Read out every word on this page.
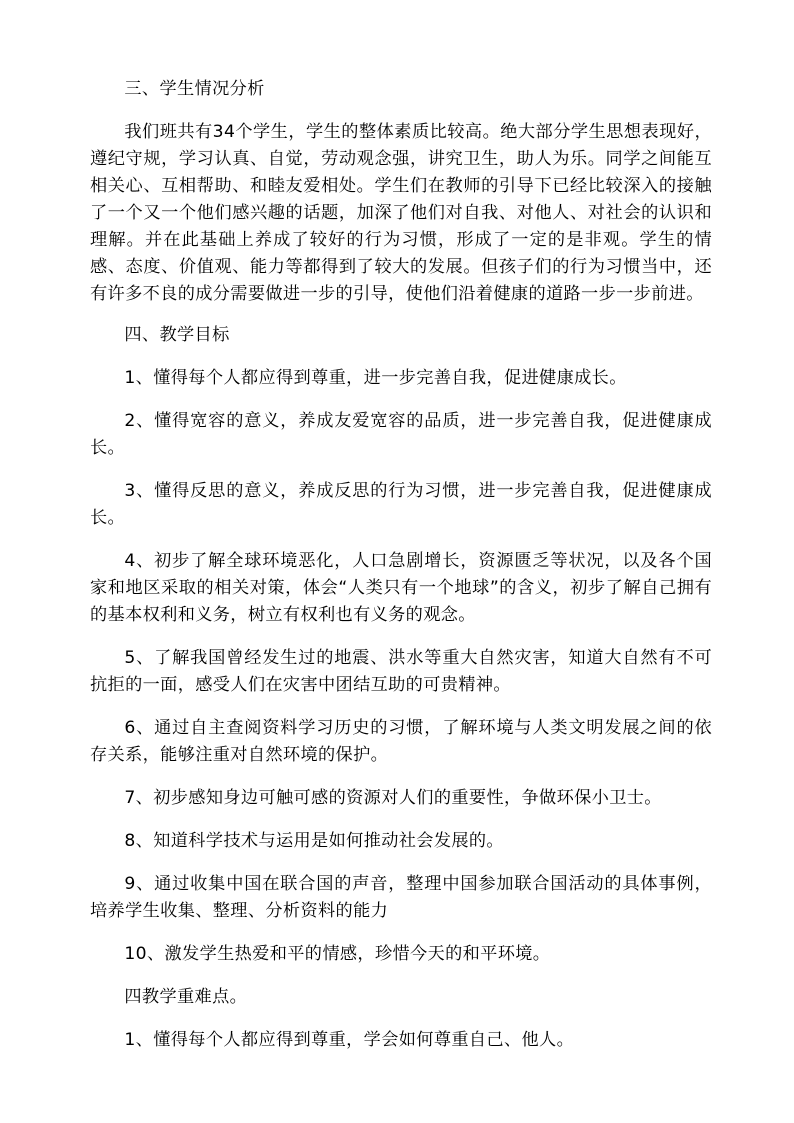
三、学生情况分析

我们班共有34个学生，学生的整体素质比较高。绝大部分学生思想表现好，遵纪守规，学习认真、自觉，劳动观念强，讲究卫生，助人为乐。同学之间能互相关心、互相帮助、和睦友爱相处。学生们在教师的引导下已经比较深入的接触了一个又一个他们感兴趣的话题，加深了他们对自我、对他人、对社会的认识和理解。并在此基础上养成了较好的行为习惯，形成了一定的是非观。学生的情感、态度、价值观、能力等都得到了较大的发展。但孩子们的行为习惯当中，还有许多不良的成分需要做进一步的引导，使他们沿着健康的道路一步一步前进。

四、教学目标

1、懂得每个人都应得到尊重，进一步完善自我，促进健康成长。

2、懂得宽容的意义，养成友爱宽容的品质，进一步完善自我，促进健康成长。

3、懂得反思的意义，养成反思的行为习惯，进一步完善自我，促进健康成长。

4、初步了解全球环境恶化，人口急剧增长，资源匮乏等状况，以及各个国家和地区采取的相关对策，体会“人类只有一个地球”的含义，初步了解自己拥有的基本权利和义务，树立有权利也有义务的观念。

5、了解我国曾经发生过的地震、洪水等重大自然灾害，知道大自然有不可抗拒的一面，感受人们在灾害中团结互助的可贵精神。

6、通过自主查阅资料学习历史的习惯，了解环境与人类文明发展之间的依存关系，能够注重对自然环境的保护。

7、初步感知身边可触可感的资源对人们的重要性，争做环保小卫士。

8、知道科学技术与运用是如何推动社会发展的。

9、通过收集中国在联合国的声音，整理中国参加联合国活动的具体事例，培养学生收集、整理、分析资料的能力

10、激发学生热爱和平的情感，珍惜今天的和平环境。

四教学重难点。

1、懂得每个人都应得到尊重，学会如何尊重自己、他人。
